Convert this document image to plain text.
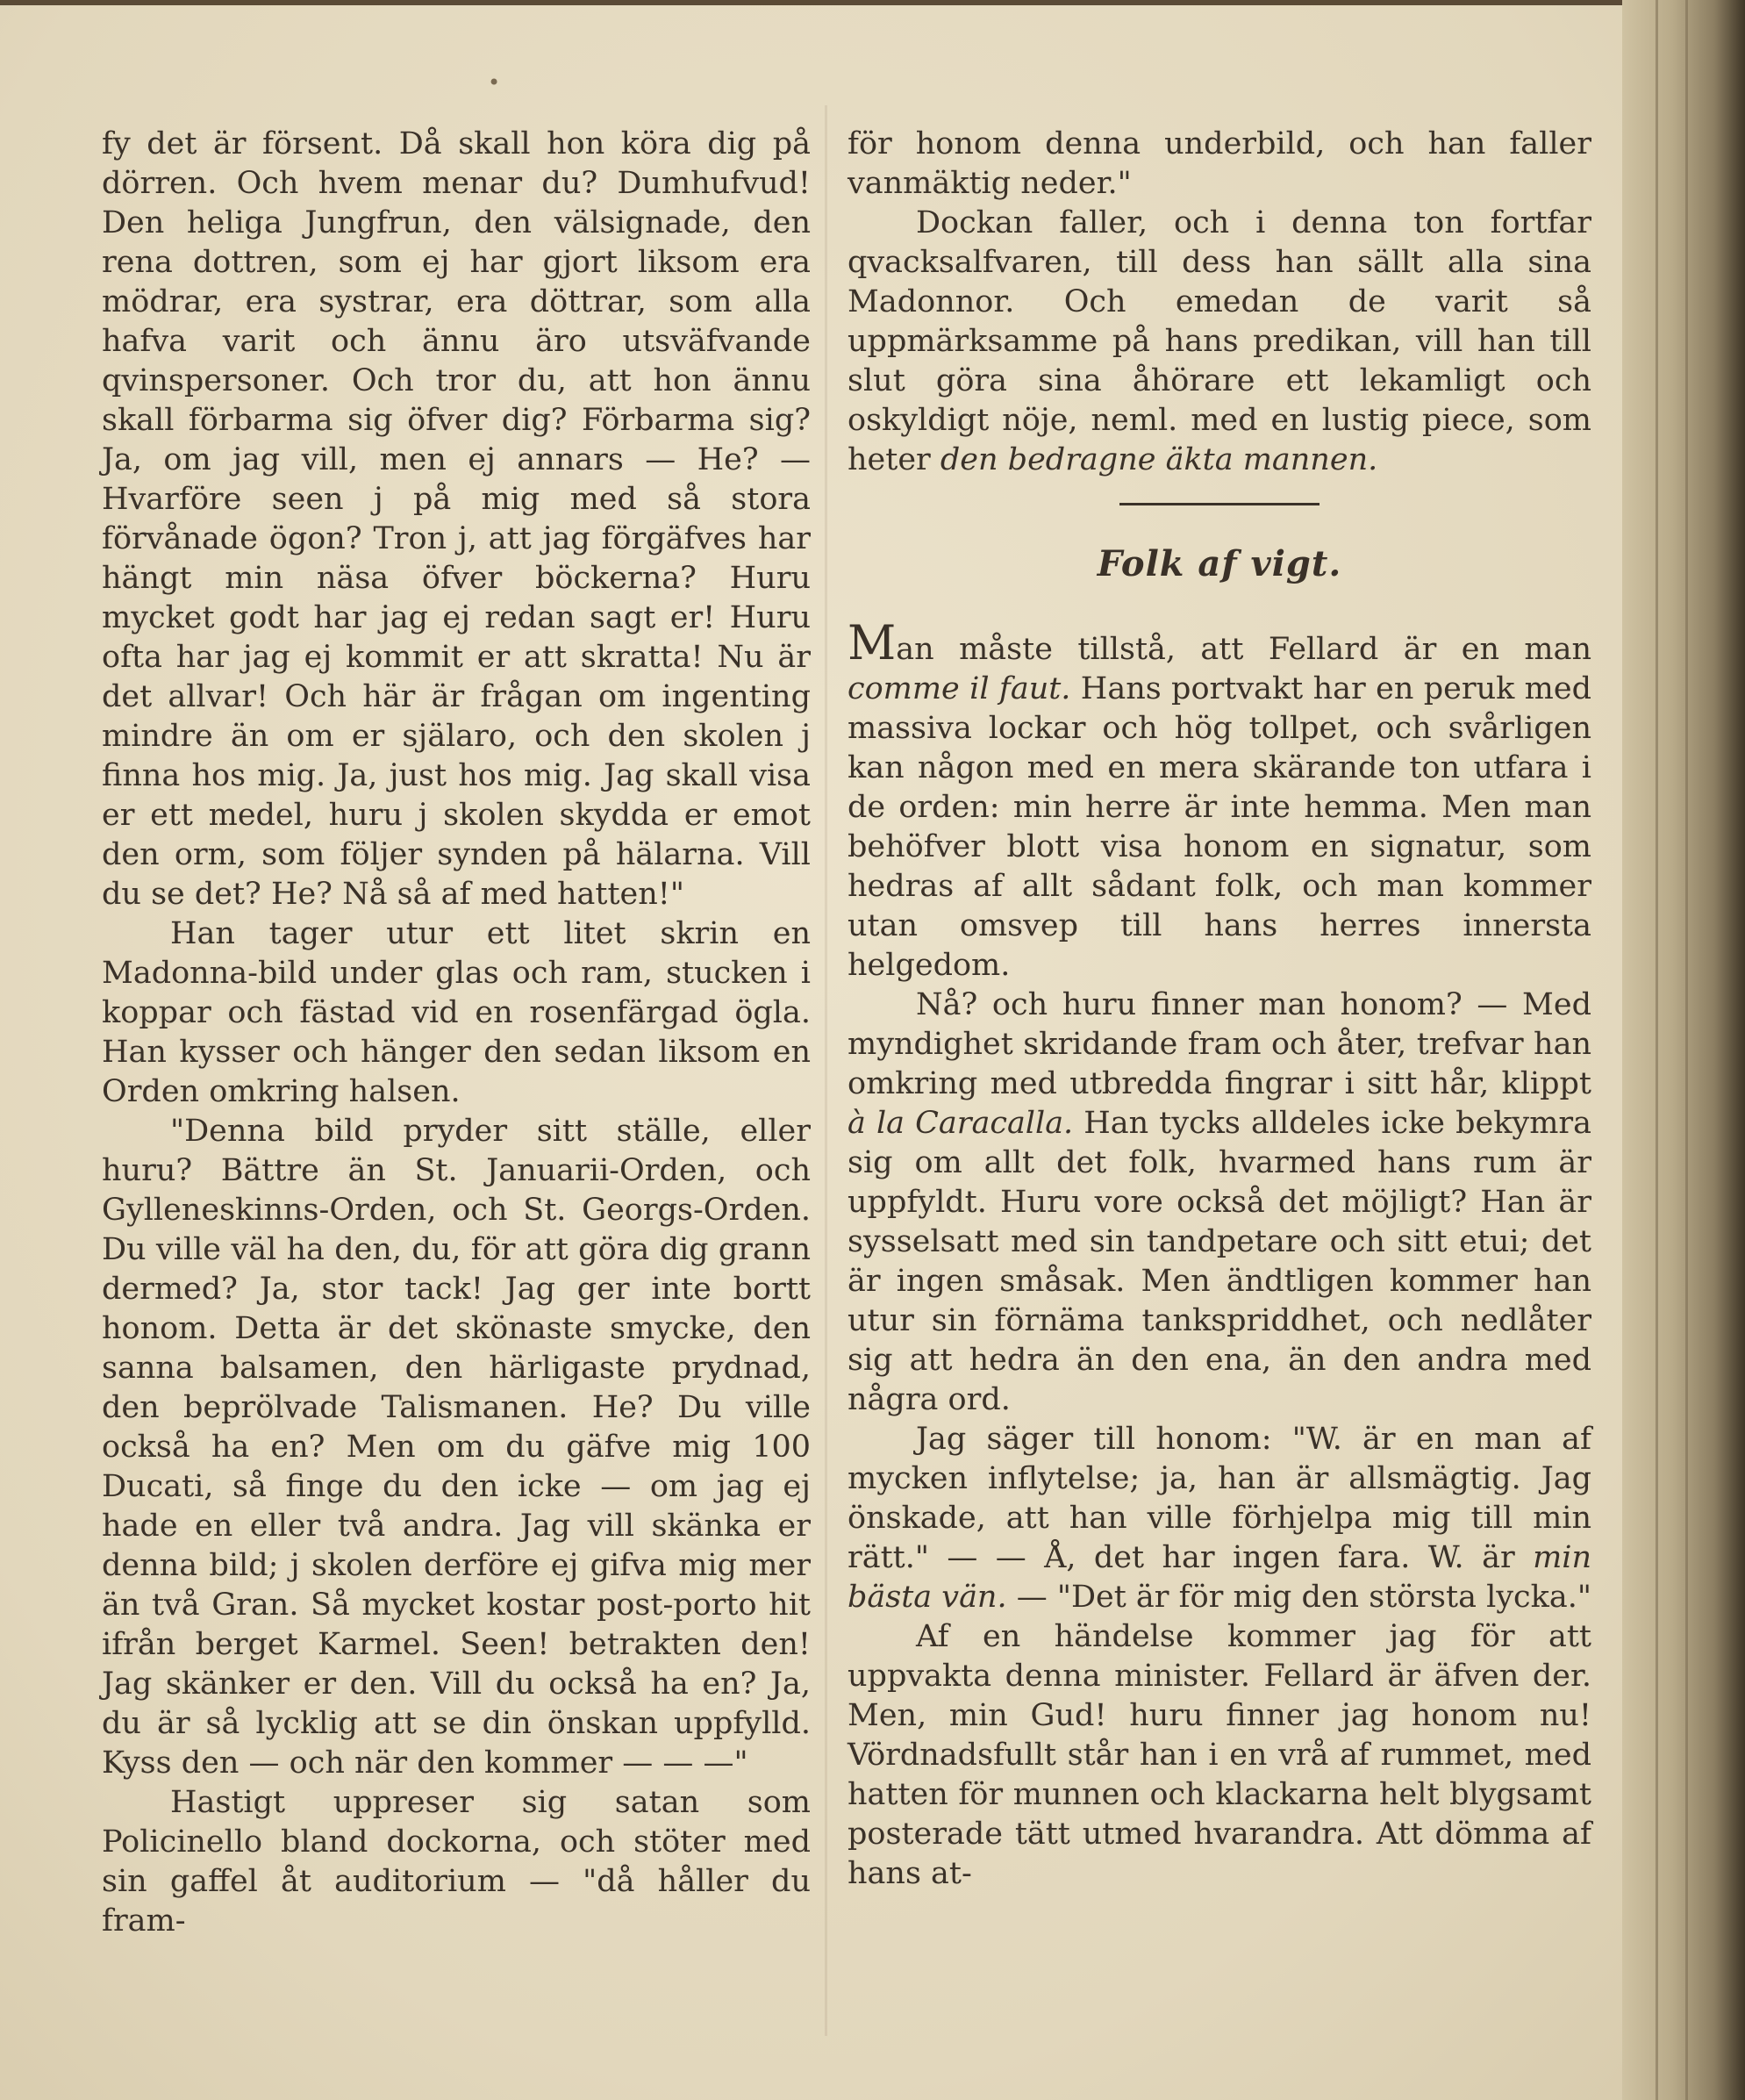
•

fy det är försent. Då skall hon köra dig på dörren. Och hvem menar du? Dumhufvud! Den heliga Jungfrun, den välsignade, den rena dottren, som ej har gjort liksom era mödrar, era systrar, era döttrar, som alla hafva varit och ännu äro utsväfvande qvinspersoner. Och tror du, att hon ännu skall förbarma sig öfver dig? Förbarma sig? Ja, om jag vill, men ej annars — He? — Hvarföre seen j på mig med så stora förvånade ögon? Tron j, att jag förgäfves har hängt min näsa öfver böckerna? Huru mycket godt har jag ej redan sagt er! Huru ofta har jag ej kommit er att skratta! Nu är det allvar! Och här är frågan om ingenting mindre än om er själaro, och den skolen j finna hos mig. Ja, just hos mig. Jag skall visa er ett medel, huru j skolen skydda er emot den orm, som följer synden på hälarna. Vill du se det? He? Nå så af med hatten!"

Han tager utur ett litet skrin en Madonna-bild under glas och ram, stucken i koppar och fästad vid en rosenfärgad ögla. Han kysser och hänger den sedan liksom en Orden omkring halsen.

"Denna bild pryder sitt ställe, eller huru? Bättre än St. Januarii-Orden, och Gylleneskinns-Orden, och St. Georgs-Orden. Du ville väl ha den, du, för att göra dig grann dermed? Ja, stor tack! Jag ger inte bortt honom. Detta är det skönaste smycke, den sanna balsamen, den härligaste prydnad, den beprölvade Talismanen. He? Du ville också ha en? Men om du gäfve mig 100 Ducati, så finge du den icke — om jag ej hade en eller två andra. Jag vill skänka er denna bild; j skolen derföre ej gifva mig mer än två Gran. Så mycket kostar post-porto hit ifrån berget Karmel. Seen! betrakten den! Jag skänker er den. Vill du också ha en? Ja, du är så lycklig att se din önskan uppfylld. Kyss den — och när den kommer — — —"

Hastigt uppreser sig satan som Policinello bland dockorna, och stöter med sin gaffel åt auditorium — "då håller du fram-

för honom denna underbild, och han faller vanmäktig neder."

Dockan faller, och i denna ton fortfar qvacksalfvaren, till dess han sällt alla sina Madonnor. Och emedan de varit så uppmärksamme på hans predikan, vill han till slut göra sina åhörare ett lekamligt och oskyldigt nöje, neml. med en lustig piece, som heter den bedragne äkta mannen.

Folk af vigt.

Man måste tillstå, att Fellard är en man comme il faut. Hans portvakt har en peruk med massiva lockar och hög tollpet, och svårligen kan någon med en mera skärande ton utfara i de orden: min herre är inte hemma. Men man behöfver blott visa honom en signatur, som hedras af allt sådant folk, och man kommer utan omsvep till hans herres innersta helgedom.

Nå? och huru finner man honom? — Med myndighet skridande fram och åter, trefvar han omkring med utbredda fingrar i sitt hår, klippt à la Caracalla. Han tycks alldeles icke bekymra sig om allt det folk, hvarmed hans rum är uppfyldt. Huru vore också det möjligt? Han är sysselsatt med sin tandpetare och sitt etui; det är ingen småsak. Men ändtligen kommer han utur sin förnäma tankspriddhet, och nedlåter sig att hedra än den ena, än den andra med några ord.

Jag säger till honom: "W. är en man af mycken inflytelse; ja, han är allsmägtig. Jag önskade, att han ville förhjelpa mig till min rätt." — — Å, det har ingen fara. W. är min bästa vän. — "Det är för mig den största lycka."

Af en händelse kommer jag för att uppvakta denna minister. Fellard är äfven der. Men, min Gud! huru finner jag honom nu! Vördnadsfullt står han i en vrå af rummet, med hatten för munnen och klackarna helt blygsamt posterade tätt utmed hvarandra. Att dömma af hans at-
